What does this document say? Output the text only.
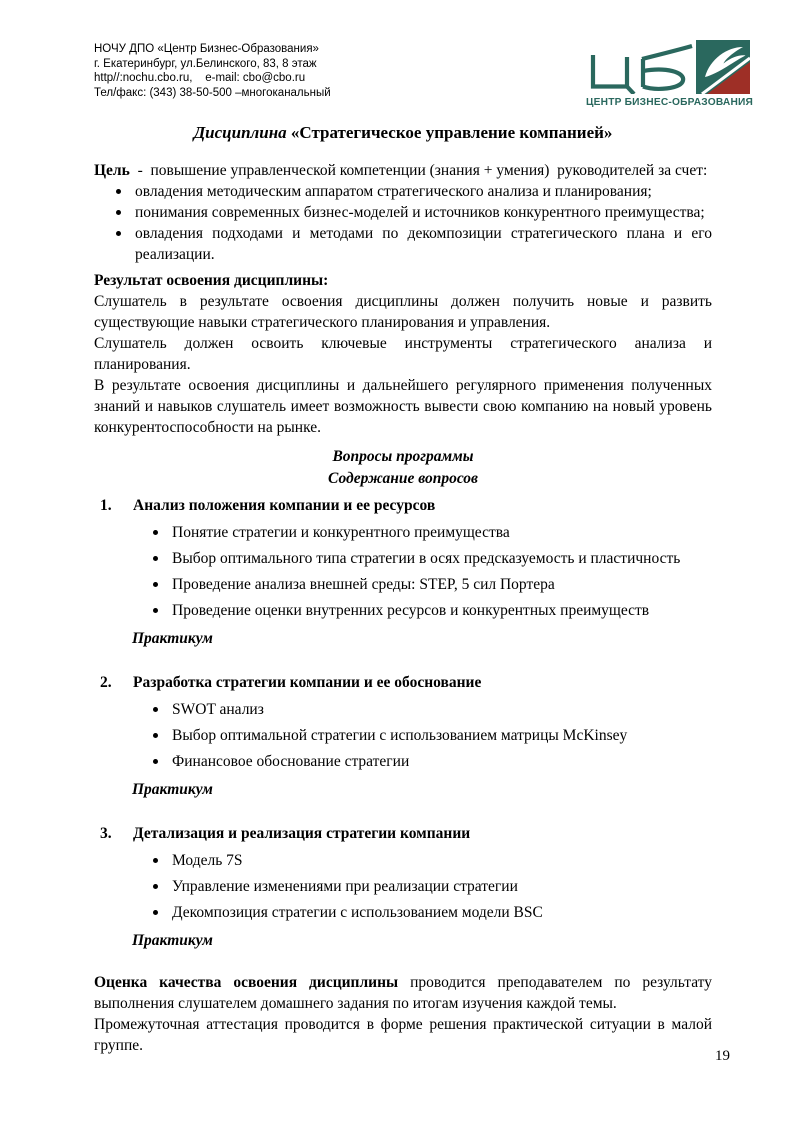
ЦЕНТР БИЗНЕС-ОБРАЗОВАНИЯ
НОЧУ ДПО «Центр Бизнес-Образования»
г. Екатеринбург, ул.Белинского, 83, 8 этаж
http//:nochu.cbo.ru,    e-mail: cbo@cbo.ru
Тел/факс: (343) 38-50-500 –многоканальный
Дисциплина «Стратегическое управление компанией»

Цель  -  повышение управленческой компетенции (знания + умения)  руководителей за счет:

овладения методическим аппаратом стратегического анализа и планирования;
понимания современных бизнес-моделей и источников конкурентного преимущества;
овладения подходами и методами по декомпозиции стратегического плана и его реализации.
Результат освоения дисциплины:

Слушатель в результате освоения дисциплины должен получить новые и развить существующие навыки стратегического планирования и управления.

Слушатель должен освоить ключевые инструменты стратегического анализа и планирования.

В результате освоения дисциплины и дальнейшего регулярного применения полученных знаний и навыков слушатель имеет возможность вывести свою компанию на новый уровень конкурентоспособности на рынке.

Вопросы программы
Содержание вопросов
1.	Анализ положения компании и ее ресурсов
Понятие стратегии и конкурентного преимущества
Выбор оптимального типа стратегии в осях предсказуемость и пластичность
Проведение анализа внешней среды: STEP, 5 сил Портера
Проведение оценки внутренних ресурсов и конкурентных преимуществ
Практикум
2.	Разработка стратегии компании и ее обоснование
SWOT анализ
Выбор оптимальной стратегии с использованием матрицы McKinsey
Финансовое обоснование стратегии
Практикум
3.	Детализация и реализация стратегии компании
Модель 7S
Управление изменениями при реализации стратегии
Декомпозиция стратегии с использованием модели BSC
Практикум

Оценка качества освоения дисциплины проводится преподавателем по результату выполнения слушателем домашнего задания по итогам изучения каждой темы.

Промежуточная аттестация проводится в форме решения практической ситуации в малой группе.

19
